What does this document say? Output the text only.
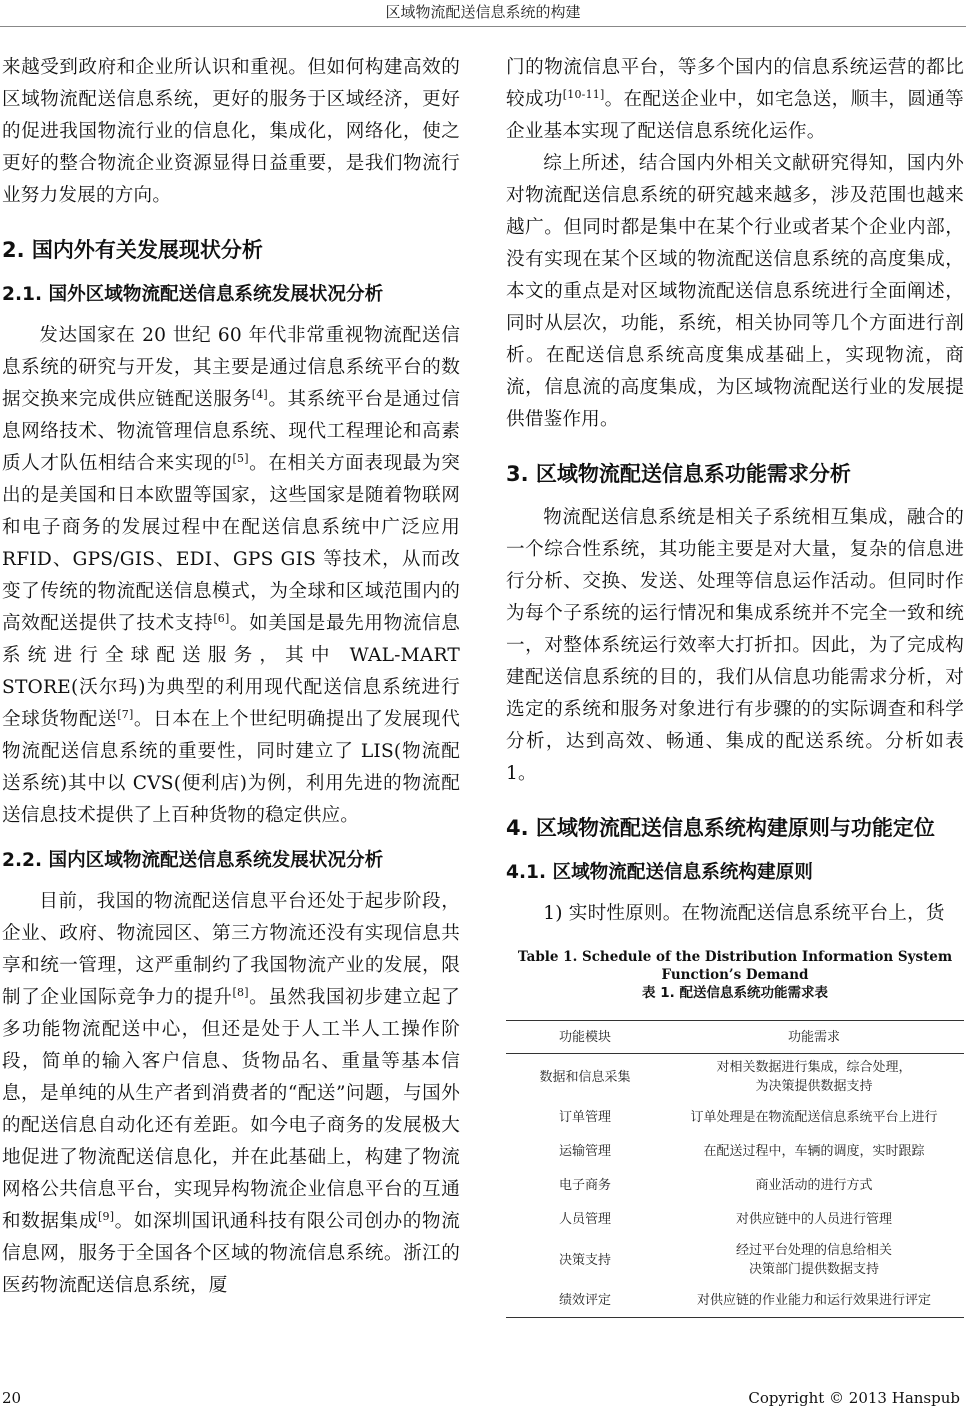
区域物流配送信息系统的构建

来越受到政府和企业所认识和重视。但如何构建高效的区域物流配送信息系统，更好的服务于区域经济，更好的促进我国物流行业的信息化，集成化，网络化，使之更好的整合物流企业资源显得日益重要，是我们物流行业努力发展的方向。

2. 国内外有关发展现状分析
2.1. 国外区域物流配送信息系统发展状况分析

发达国家在 20 世纪 60 年代非常重视物流配送信息系统的研究与开发，其主要是通过信息系统平台的数据交换来完成供应链配送服务[4]。其系统平台是通过信息网络技术、物流管理信息系统、现代工程理论和高素质人才队伍相结合来实现的[5]。在相关方面表现最为突出的是美国和日本欧盟等国家，这些国家是随着物联网和电子商务的发展过程中在配送信息系统中广泛应用 RFID、GPS/GIS、EDI、GPS GIS 等技术，从而改变了传统的物流配送信息模式，为全球和区域范围内的高效配送提供了技术支持[6]。如美国是最先用物流信息系统进行全球配送服务，其中 WAL-MART STORE(沃尔玛)为典型的利用现代配送信息系统进行全球货物配送[7]。日本在上个世纪明确提出了发展现代物流配送信息系统的重要性，同时建立了 LIS(物流配送系统)其中以 CVS(便利店)为例，利用先进的物流配送信息技术提供了上百种货物的稳定供应。

2.2. 国内区域物流配送信息系统发展状况分析

目前，我国的物流配送信息平台还处于起步阶段，企业、政府、物流园区、第三方物流还没有实现信息共享和统一管理，这严重制约了我国物流产业的发展，限制了企业国际竞争力的提升[8]。虽然我国初步建立起了多功能物流配送中心，但还是处于人工半人工操作阶段，简单的输入客户信息、货物品名、重量等基本信息，是单纯的从生产者到消费者的“配送”问题，与国外的配送信息自动化还有差距。如今电子商务的发展极大地促进了物流配送信息化，并在此基础上，构建了物流网格公共信息平台，实现异构物流企业信息平台的互通和数据集成[9]。如深圳国讯通科技有限公司创办的物流信息网，服务于全国各个区域的物流信息系统。浙江的医药物流配送信息系统，厦

门的物流信息平台，等多个国内的信息系统运营的都比较成功[10-11]。在配送企业中，如宅急送，顺丰，圆通等企业基本实现了配送信息系统化运作。

综上所述，结合国内外相关文献研究得知，国内外对物流配送信息系统的研究越来越多，涉及范围也越来越广。但同时都是集中在某个行业或者某个企业内部，没有实现在某个区域的物流配送信息系统的高度集成，本文的重点是对区域物流配送信息系统进行全面阐述，同时从层次，功能，系统，相关协同等几个方面进行剖析。在配送信息系统高度集成基础上，实现物流，商流，信息流的高度集成，为区域物流配送行业的发展提供借鉴作用。

3. 区域物流配送信息系功能需求分析

物流配送信息系统是相关子系统相互集成，融合的一个综合性系统，其功能主要是对大量，复杂的信息进行分析、交换、发送、处理等信息运作活动。但同时作为每个子系统的运行情况和集成系统并不完全一致和统一，对整体系统运行效率大打折扣。因此，为了完成构建配送信息系统的目的，我们从信息功能需求分析，对选定的系统和服务对象进行有步骤的的实际调查和科学分析，达到高效、畅通、集成的配送系统。分析如表 1。

4. 区域物流配送信息系统构建原则与功能定位
4.1. 区域物流配送信息系统构建原则

1) 实时性原则。在物流配送信息系统平台上，货

Table 1. Schedule of the Distribution Information System Function’s Demand
表 1. 配送信息系统功能需求表
功能模块	功能需求
数据和信息采集	对相关数据进行集成，综合处理，
为决策提供数据支持

订单管理	订单处理是在物流配送信息系统平台上进行
运输管理	在配送过程中，车辆的调度，实时跟踪
电子商务	商业活动的进行方式
人员管理	对供应链中的人员进行管理
决策支持	经过平台处理的信息给相关
决策部门提供数据支持

绩效评定	对供应链的作业能力和运行效果进行评定
20	Copyright © 2013 Hanspub
